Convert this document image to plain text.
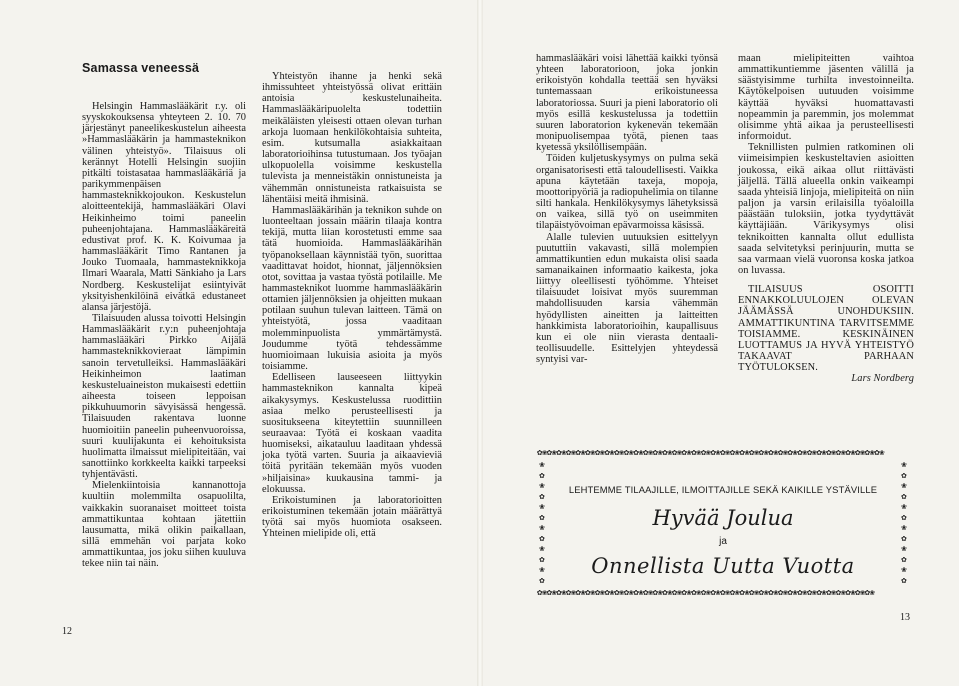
Samassa veneessä

Helsingin Hammaslääkärit r.y. oli syyskokouksensa yhteyteen 2. 10. 70 järjestänyt paneelikeskustelun aiheesta »Hammaslääkärin ja hammasteknikon välinen yhteistyö». Tilaisuus oli kerännyt Hotelli Helsingin suojiin pitkälti toistasataa hammaslääkäriä ja parikymmenpäisen hammasteknikkojoukon. Keskustelun aloitteentekijä, hammaslääkäri Olavi Heikinheimo toimi paneelin puheenjohtajana. Hammaslääkäreitä edustivat prof. K. K. Koivumaa ja hammaslääkärit Timo Rantanen ja Jouko Tuomaala, hammasteknikkoja Ilmari Waarala, Matti Sänkiaho ja Lars Nordberg. Keskustelijat esiintyivät yksityishenkilöinä eivätkä edustaneet alansa järjestöjä.

Tilaisuuden alussa toivotti Helsingin Hammaslääkärit r.y:n puheenjohtaja hammaslääkäri Pirkko Aijälä hammasteknikkovieraat lämpimin sanoin tervetulleiksi. Hammaslääkäri Heikinheimon laatiman keskusteluaineiston mukaisesti edettiin aiheesta toiseen leppoisan pikkuhuumorin sävyisässä hengessä. Tilaisuuden rakentava luonne huomioitiin paneelin puheenvuoroissa, suuri kuulijakunta ei kehoituksista huolimatta ilmaissut mielipiteitään, vai sanottiinko korkkeelta kaikki tarpeeksi tyhjentävästi.

Mielenkiintoisia kannanottoja kuultiin molemmilta osapuolilta, vaikkakin suoranaiset moitteet toista ammattikuntaa kohtaan jätettiin lausumatta, mikä olikin paikallaan, sillä emmehän voi parjata koko ammattikuntaa, jos joku siihen kuuluva tekee niin tai näin.

Yhteistyön ihanne ja henki sekä ihmissuhteet yhteistyössä olivat erittäin antoisia keskustelunaiheita. Hammaslääkäripuolelta todettiin meikäläisten yleisesti ottaen olevan turhan arkoja luomaan henkilökohtaisia suhteita, esim. kutsumalla asiakkaitaan laboratorioihinsa tutustumaan. Jos työajan ulkopuolella voisimme keskustella tulevista ja menneistäkin onnistuneista ja vähemmän onnistuneista ratkaisuista se lähentäisi meitä ihmisinä.

Hammaslääkärihän ja teknikon suhde on luonteeltaan jossain määrin tilaaja kontra tekijä, mutta liian korostetusti emme saa tätä huomioida. Hammaslääkärihän työpanoksellaan käynnistää työn, suorittaa vaadittavat hoidot, hionnat, jäljennöksien otot, sovittaa ja vastaa työstä potilaille. Me hammasteknikot luomme hammaslääkärin ottamien jäljennöksien ja ohjeitten mukaan potilaan suuhun tulevan laitteen. Tämä on yhteistyötä, jossa vaaditaan molemminpuolista ymmärtämystä. Joudumme työtä tehdessämme huomioimaan lukuisia asioita ja myös toisiamme.

Edelliseen lauseeseen liittyykin hammasteknikon kannalta kipeä aikakysymys. Keskustelussa ruodittiin asiaa melko perusteellisesti ja suositukseena kiteytettiin suunnilleen seuraavaa: Työtä ei koskaan vaadita huomiseksi, aikatauluu laaditaan yhdessä joka työtä varten. Suuria ja aikaavieviä töitä pyritään tekemään myös vuoden »hiljaisina» kuukausina tammi- ja elokuussa.

Erikoistuminen ja laboratorioitten erikoistuminen tekemään jotain määrättyä työtä sai myös huomiota osakseen. Yhteinen mielipide oli, että

12

hammaslääkäri voisi lähettää kaikki työnsä yhteen laboratorioon, joka jonkin erikoistyön kohdalla teettää sen hyväksi tuntemassaan erikoistuneessa laboratoriossa. Suuri ja pieni laboratorio oli myös esillä keskustelussa ja todettiin suuren laboratorion kykenevän tekemään monipuolisempaa työtä, pienen taas kyetessä yksilöllisempään.

Töiden kuljetuskysymys on pulma sekä organisatorisesti että taloudellisesti. Vaikka apuna käytetään taxeja, mopoja, moottoripyöriä ja radiopuhelimia on tilanne silti hankala. Henkilökysymys lähetyksissä on vaikea, sillä työ on useimmiten tilapäistyövoiman epävarmoissa käsissä.

Alalle tulevien uutuuksien esittelyyn puututtiin vakavasti, sillä molempien ammattikuntien edun mukaista olisi saada samanaikainen informaatio kaikesta, joka liittyy oleellisesti työhömme. Yhteiset tilaisuudet loisivat myös suuremman mahdollisuuden karsia vähemmän hyödyllisten aineitten ja laitteitten hankkimista laboratorioihin, kaupallisuus kun ei ole niin vierasta dentaali-teollisuudelle. Esittelyjen yhteydessä syntyisi var-

maan mielipiteitten vaihtoa ammattikuntiemme jäsenten välillä ja säästyisimme turhilta investoinneilta. Käytökelpoisen uutuuden voisimme käyttää hyväksi huomattavasti nopeammin ja paremmin, jos molemmat olisimme yhtä aikaa ja perusteellisesti informoidut.

Teknillisten pulmien ratkominen oli viimeisimpien keskusteltavien asioitten joukossa, eikä aikaa ollut riittävästi jäljellä. Tällä alueella onkin vaikeampi saada yhteisiä linjoja, mielipiteitä on niin paljon ja varsin erilaisilla työaloilla päästään tuloksiin, jotka tyydyttävät käyttäjiään. Värikysymys olisi teknikoitten kannalta ollut edullista saada selvitetyksi perinjuurin, mutta se saa varmaan vielä vuoronsa koska jatkoa on luvassa.

TILAISUUS OSOITTI ENNAKKOLUULOJEN OLEVAN JÄÄMÄSSÄ UNOHDUKSIIN. AMMATTIKUNTINA TARVITSEMME TOISIAMME. KESKINÄINEN LUOTTAMUS JA HYVÄ YHTEISTYÖ TAKAAVAT PARHAAN TYÖTULOKSEN.

Lars Nordberg

✿❀✿❀✿❀✿❀✿❀✿❀✿❀✿❀✿❀✿❀✿❀✿❀✿❀✿❀✿❀✿❀✿❀✿❀✿❀✿❀✿❀✿❀✿❀✿❀✿❀✿❀✿❀✿❀✿❀✿❀✿❀✿❀✿❀✿❀✿❀✿❀
❀
✿
❀
✿
❀
✿
❀
✿
❀
✿
❀
✿
❀
✿
❀
✿
❀
✿
❀
✿
❀
✿
❀
✿
✿❀✿❀✿❀✿❀✿❀✿❀✿❀✿❀✿❀✿❀✿❀✿❀✿❀✿❀✿❀✿❀✿❀✿❀✿❀✿❀✿❀✿❀✿❀✿❀✿❀✿❀✿❀✿❀✿❀✿❀✿❀✿❀✿❀✿❀✿❀
LEHTEMME TILAAJILLE, ILMOITTAJILLE SEKÄ KAIKILLE YSTÄVILLE
Hyvää Joulua
ja
Onnellista Uutta Vuotta
13
